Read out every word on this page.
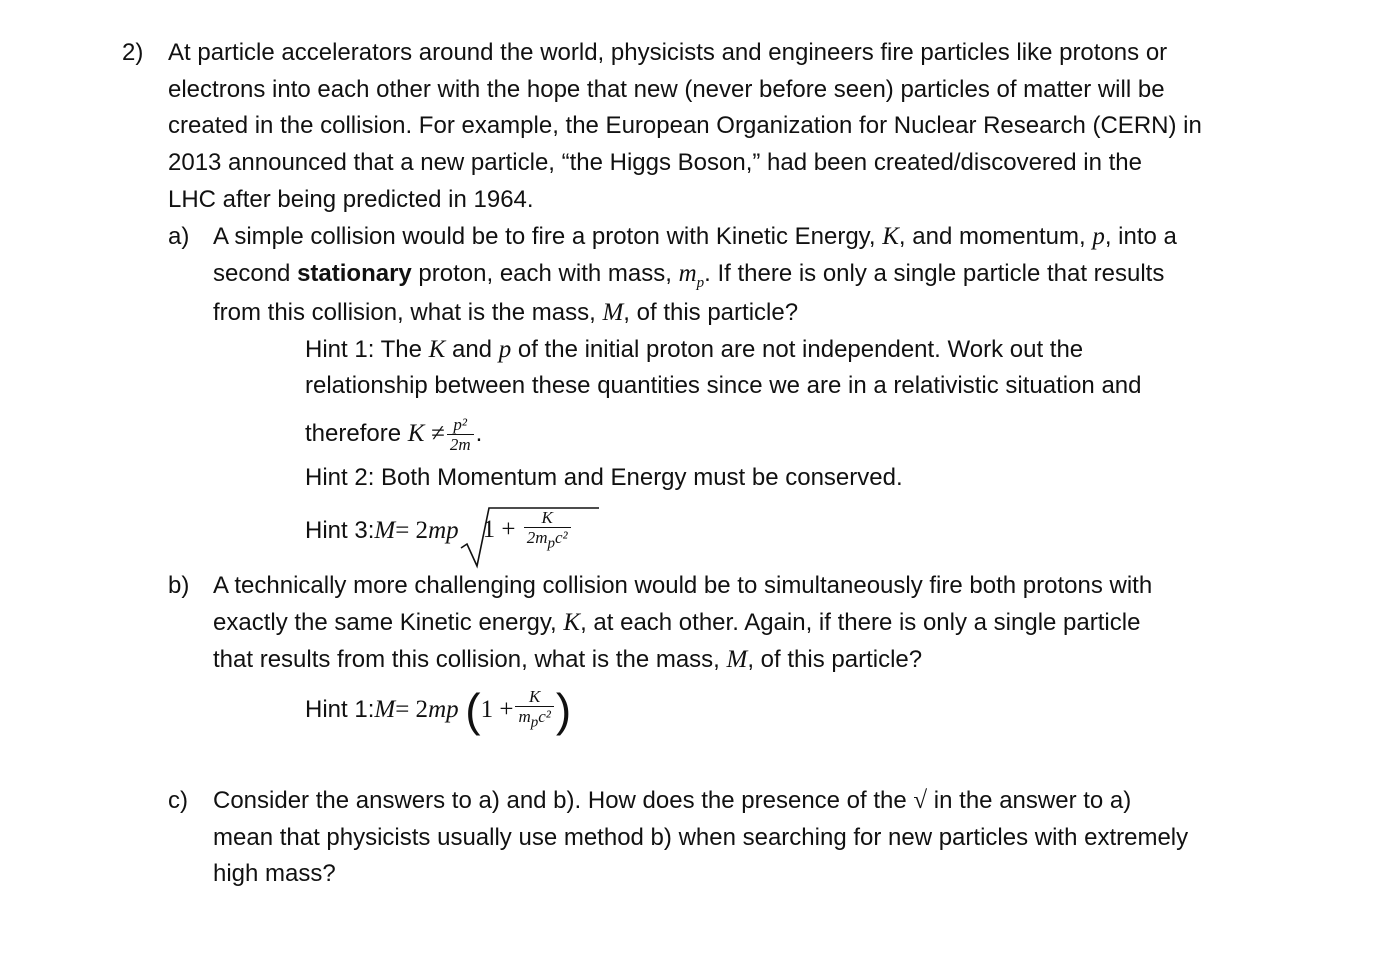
2) At particle accelerators around the world, physicists and engineers fire particles like protons or
electrons into each other with the hope that new (never before seen) particles of matter will be
created in the collision. For example, the European Organization for Nuclear Research (CERN) in
2013 announced that a new particle, “the Higgs Boson,” had been created/discovered in the
LHC after being predicted in 1964.
a) A simple collision would be to fire a proton with Kinetic Energy, K, and momentum, p, into a
second stationary proton, each with mass, $m_p$. If there is only a single particle that results
from this collision, what is the mass, M, of this particle?
Hint 1: The K and p of the initial proton are not independent. Work out the
relationship between these quantities since we are in a relativistic situation and
therefore
K
≠ $\frac{\text{p²}}{2m}$ .
Hint 2: Both Momentum and Energy must be conserved.
Hint 3: M = 2 m p $1 + \frac{K}{2m_pc^2}$
b) A technically more challenging collision would be to simultaneously fire both protons with
exactly the same Kinetic energy, K, at each other. Again, if there is only a single particle
that results from this collision, what is the mass, M, of this particle?
Hint 1: M = 2 m p
( $1 + \frac{K}{m_pc^2}$ )
c) Consider the answers to a) and b). How does the presence of the √ in the answer to a)
mean that physicists usually use method b) when searching for new particles with extremely
high mass?
